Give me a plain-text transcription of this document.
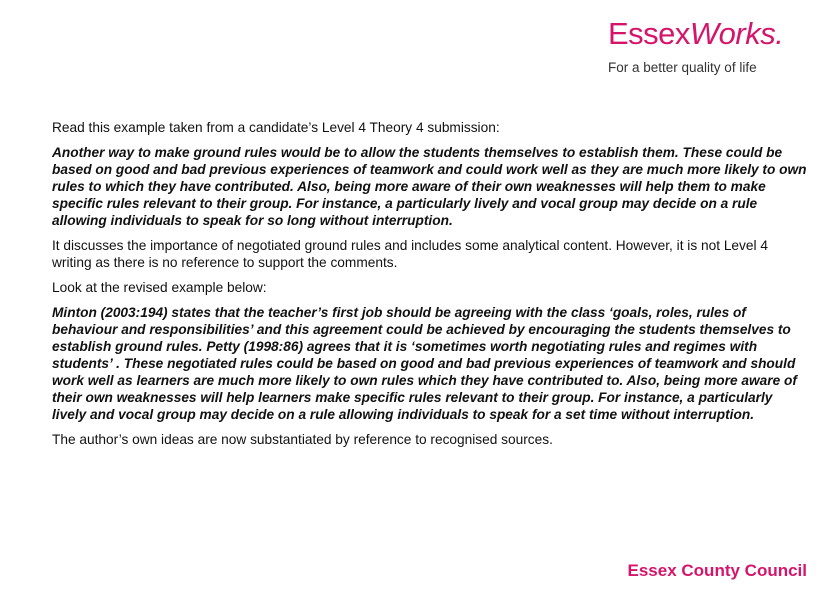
EssexWorks.
For a better quality of life

Read this example taken from a candidate’s Level 4 Theory 4 submission:

Another way to make ground rules would be to allow the students themselves to establish them. These could be based on good and bad previous experiences of teamwork and could work well as they are much more likely to own rules to which they have contributed. Also, being more aware of their own weaknesses will help them to make specific rules relevant to their group. For instance, a particularly lively and vocal group may decide on a rule allowing individuals to speak for so long without interruption.

It discusses the importance of negotiated ground rules and includes some analytical content. However, it is not Level 4 writing as there is no reference to support the comments.

Look at the revised example below:

Minton (2003:194) states that the teacher’s first job should be agreeing with the class ‘goals, roles, rules of behaviour and responsibilities’ and this agreement could be achieved by encouraging the students themselves to establish ground rules. Petty (1998:86) agrees that it is ‘sometimes worth negotiating rules and regimes with students’ . These negotiated rules could be based on good and bad previous experiences of teamwork and should work well as learners are much more likely to own rules which they have contributed to. Also, being more aware of their own weaknesses will help learners make specific rules relevant to their group. For instance, a particularly lively and vocal group may decide on a rule allowing individuals to speak for a set time without interruption.

The author’s own ideas are now substantiated by reference to recognised sources.

Essex County Council
